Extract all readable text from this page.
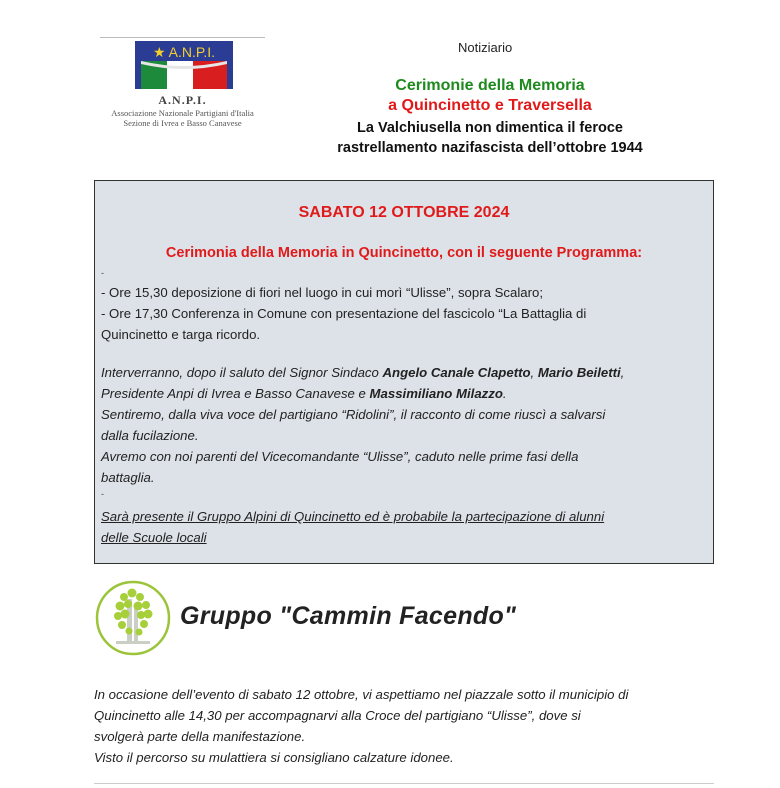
★ A.N.P.I.
A.N.P.I.
Associazione Nazionale Partigiani d'Italia
Sezione di Ivrea e Basso Canavese
Notiziario
Cerimonie della Memoria
a Quincinetto e Traversella
La Valchiusella non dimentica il feroce
rastrellamento nazifascista dell’ottobre 1944
SABATO 12 OTTOBRE 2024
Cerimonia della Memoria in Quincinetto, con il seguente Programma:
-
- Ore 15,30 deposizione di fiori nel luogo in cui morì “Ulisse”, sopra Scalaro;
- Ore 17,30 Conferenza in Comune con presentazione del fascicolo “La Battaglia di
Quincinetto e targa ricordo.
Interverranno, dopo il saluto del Signor Sindaco Angelo Canale Clapetto, Mario Beiletti,
Presidente Anpi di Ivrea e Basso Canavese e Massimiliano Milazzo.
Sentiremo, dalla viva voce del partigiano “Ridolini”, il racconto di come riuscì a salvarsi
dalla fucilazione.
Avremo con noi parenti del Vicecomandante “Ulisse”, caduto nelle prime fasi della
battaglia.
-
Sarà presente il Gruppo Alpini di Quincinetto ed è probabile la partecipazione di alunni
delle Scuole locali
Gruppo "Cammin Facendo"
In occasione dell’evento di sabato 12 ottobre, vi aspettiamo nel piazzale sotto il municipio di
Quincinetto alle 14,30 per accompagnarvi alla Croce del partigiano “Ulisse”, dove si
svolgerà parte della manifestazione.
Visto il percorso su mulattiera si consigliano calzature idonee.
